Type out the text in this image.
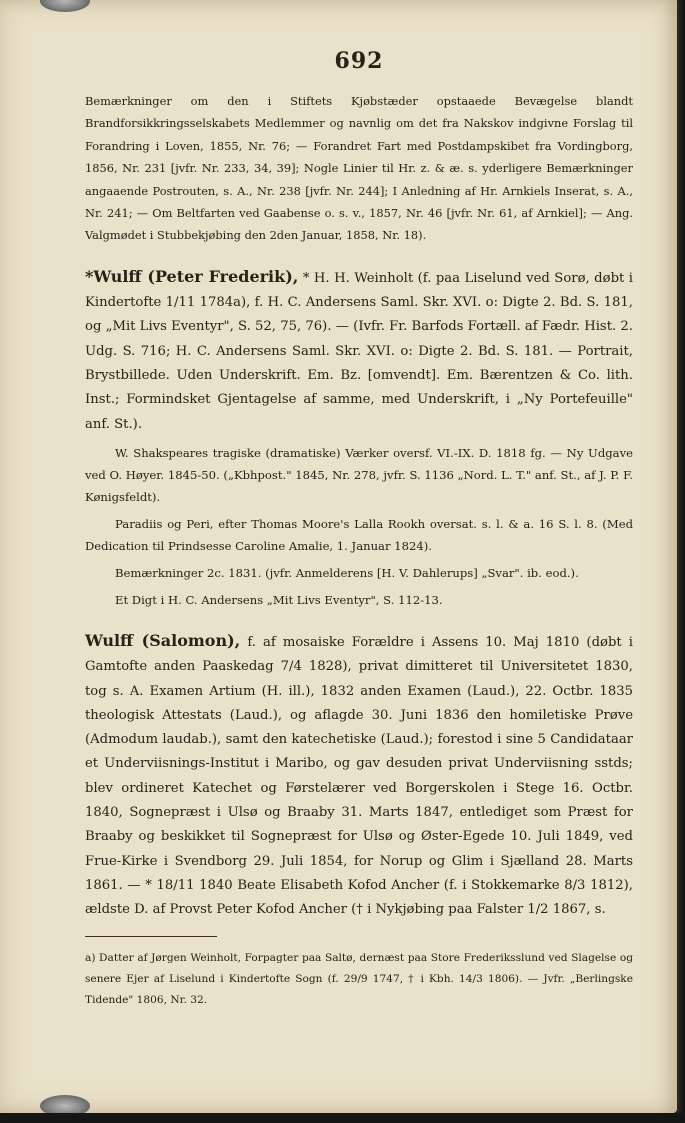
692

Bemærkninger om den i Stiftets Kjøbstæder opstaaede Bevægelse blandt Brandforsikkringsselskabets Medlemmer og navnlig om det fra Nakskov indgivne Forslag til Forandring i Loven, 1855, Nr. 76; — Forandret Fart med Postdampskibet fra Vordingborg, 1856, Nr. 231 [jvfr. Nr. 233, 34, 39]; Nogle Linier til Hr. z. & æ. s. yderligere Bemærkninger angaaende Postrouten, s. A., Nr. 238 [jvfr. Nr. 244]; I Anledning af Hr. Arnkiels Inserat, s. A., Nr. 241; — Om Beltfarten ved Gaabense o. s. v., 1857, Nr. 46 [jvfr. Nr. 61, af Arnkiel]; — Ang. Valgmødet i Stubbekjøbing den 2den Januar, 1858, Nr. 18).

*Wulff (Peter Frederik), * H. H. Weinholt (f. paa Liselund ved Sorø, døbt i Kindertofte 1/11 1784a), f. H. C. Andersens Saml. Skr. XVI. o: Digte 2. Bd. S. 181, og „Mit Livs Eventyr", S. 52, 75, 76). — (Ivfr. Fr. Barfods Fortæll. af Fædr. Hist. 2. Udg. S. 716; H. C. Andersens Saml. Skr. XVI. o: Digte 2. Bd. S. 181. — Portrait, Brystbillede. Uden Underskrift. Em. Bz. [omvendt]. Em. Bærentzen & Co. lith. Inst.; Formindsket Gjentagelse af samme, med Underskrift, i „Ny Portefeuille" anf. St.).

W. Shakspeares tragiske (dramatiske) Værker oversf. VI.-IX. D. 1818 fg. — Ny Udgave ved O. Høyer. 1845-50. („Kbhpost." 1845, Nr. 278, jvfr. S. 1136 „Nord. L. T." anf. St., af J. P. F. Kønigsfeldt).

Paradiis og Peri, efter Thomas Moore's Lalla Rookh oversat. s. l. & a. 16 S. l. 8. (Med Dedication til Prindsesse Caroline Amalie, 1. Januar 1824).

Bemærkninger 2c. 1831. (jvfr. Anmelderens [H. V. Dahlerups] „Svar". ib. eod.).

Et Digt i H. C. Andersens „Mit Livs Eventyr", S. 112-13.

Wulff (Salomon), f. af mosaiske Forældre i Assens 10. Maj 1810 (døbt i Gamtofte anden Paaskedag 7/4 1828), privat dimitteret til Universitetet 1830, tog s. A. Examen Artium (H. ill.), 1832 anden Examen (Laud.), 22. Octbr. 1835 theologisk Attestats (Laud.), og aflagde 30. Juni 1836 den homiletiske Prøve (Admodum laudab.), samt den katechetiske (Laud.); forestod i sine 5 Candidataar et Underviisnings-Institut i Maribo, og gav desuden privat Underviisning sstds; blev ordineret Katechet og Førstelærer ved Borgerskolen i Stege 16. Octbr. 1840, Sognepræst i Ulsø og Braaby 31. Marts 1847, entlediget som Præst for Braaby og beskikket til Sognepræst for Ulsø og Øster-Egede 10. Juli 1849, ved Frue-Kirke i Svendborg 29. Juli 1854, for Norup og Glim i Sjælland 28. Marts 1861. — * 18/11 1840 Beate Elisabeth Kofod Ancher (f. i Stokkemarke 8/3 1812), ældste D. af Provst Peter Kofod Ancher († i Nykjøbing paa Falster 1/2 1867, s.

a) Datter af Jørgen Weinholt, Forpagter paa Saltø, dernæst paa Store Frederiksslund ved Slagelse og senere Ejer af Liselund i Kindertofte Sogn (f. 29/9 1747, † i Kbh. 14/3 1806). — Jvfr. „Berlingske Tidende" 1806, Nr. 32.
